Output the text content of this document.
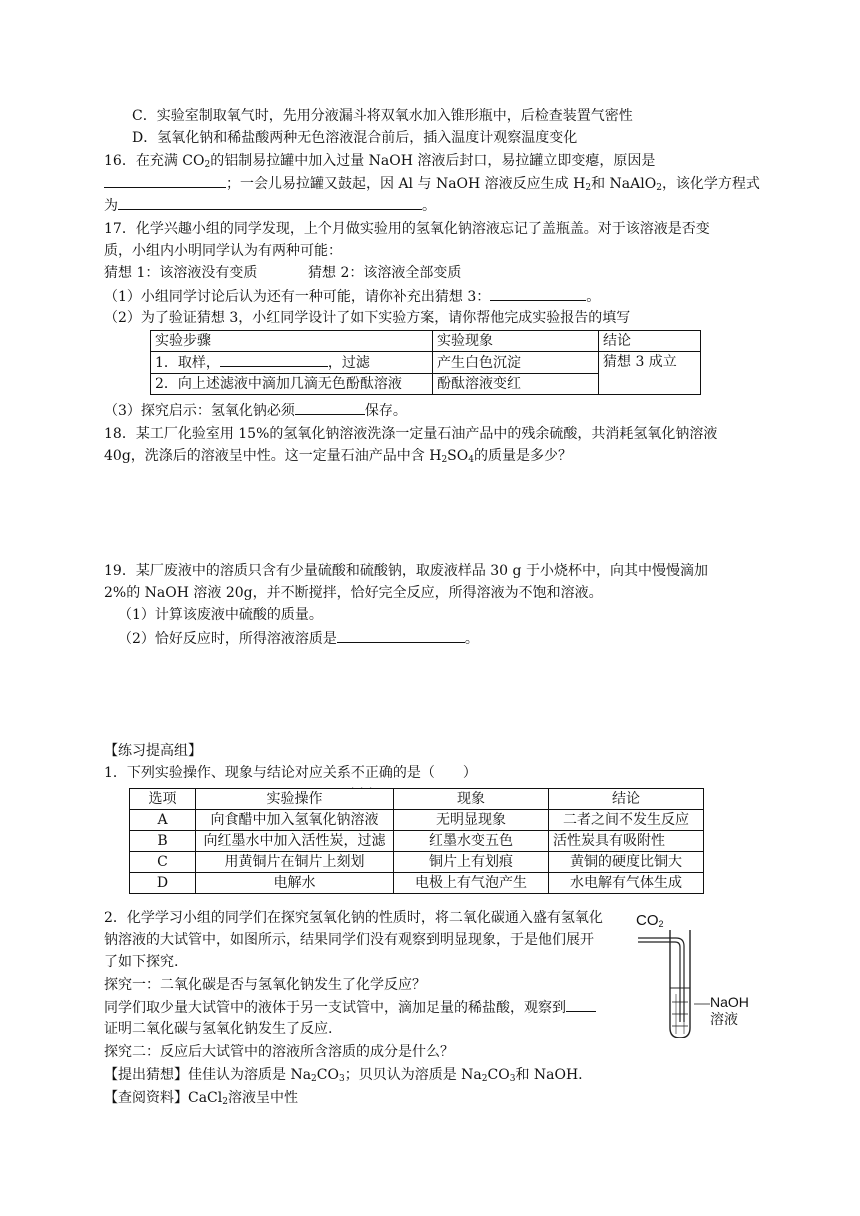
C．实验室制取氧气时，先用分液漏斗将双氧水加入锥形瓶中，后检查装置气密性
D．氢氧化钠和稀盐酸两种无色溶液混合前后，插入温度计观察温度变化
16．在充满 $CO_2$的铝制易拉罐中加入过量 NaOH 溶液后封口，易拉罐立即变瘪，原因是
；一会儿易拉罐又鼓起，因 Al 与 NaOH 溶液反应生成 $H_2$和 NaAlO$_2$，该化学方程式
为	。
17．化学兴趣小组的同学发现，上个月做实验用的氢氧化钠溶液忘记了盖瓶盖。对于该溶液是否变
质，小组内小明同学认为有两种可能：
猜想 1：该溶液没有变质	猜想 2：该溶液全部变质
（1）小组同学讨论后认为还有一种可能，请你补充出猜想 3：	。
（2）为了验证猜想 3，小红同学设计了如下实验方案，请你帮他完成实验报告的填写
实验步骤	实验现象	结论
1．取样， ，过滤	产生白色沉淀	猜想 3 成立
2．向上述滤液中滴加几滴无色酚酞溶液	酚酞溶液变红	
（3）探究启示：氢氧化钠必须	保存。
18．某工厂化验室用 15%的氢氧化钠溶液洗涤一定量石油产品中的残余硫酸，共消耗氢氧化钠溶液
40g，洗涤后的溶液呈中性。这一定量石油产品中含 $H_2SO_4$的质量是多少？
19．某厂废液中的溶质只含有少量硫酸和硫酸钠，取废液样品 30 g 于小烧杯中，向其中慢慢滴加
2%的 NaOH 溶液 20g，并不断搅拌，恰好完全反应，所得溶液为不饱和溶液。
（1）计算该废液中硫酸的质量。
（2）恰好反应时，所得溶液溶质是	。
【练习提高组】
1．下列实验操作、现象与结论对应关系不正确 · · ·的是（　　）
选项	实验操作	现象	结论
A	向食醋中加入氢氧化钠溶液	无明显现象	二者之间不发生反应
B	向红墨水中加入活性炭，过滤	红墨水变五色	活性炭具有吸附性
C	用黄铜片在铜片上刻划	铜片上有划痕	黄铜的硬度比铜大
D	电解水	电极上有气泡产生	水电解有气体生成
2．化学学习小组的同学们在探究氢氧化钠的性质时，将二氧化碳通入盛有氢氧化
钠溶液的大试管中，如图所示，结果同学们没有观察到明显现象，于是他们展开
了如下探究.
探究一：二氧化碳是否与氢氧化钠发生了化学反应？
同学们取少量大试管中的液体于另一支试管中，滴加足量的稀盐酸，观察到
证明二氧化碳与氢氧化钠发生了反应.
探究二：反应后大试管中的溶液所含溶质的成分是什么？
【提出猜想】佳佳认为溶质是 $Na_2CO_3$；贝贝认为溶质是 $Na_2CO_3$和 NaOH.
【查阅资料】CaCl$_2$溶液呈中性
$CO_2$
NaOH
溶液
